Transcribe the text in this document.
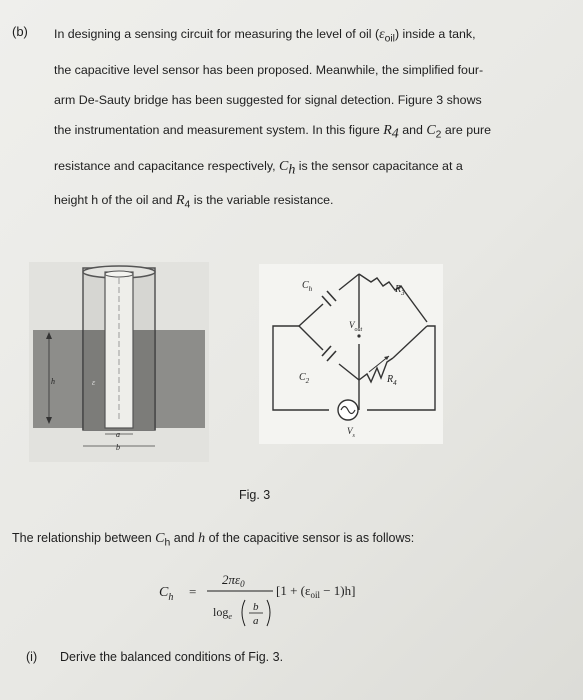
(b) In designing a sensing circuit for measuring the level of oil $(\varepsilon_{oil})$ inside a tank,
the capacitive level sensor has been proposed. Meanwhile, the simplified four-
arm De-Sauty bridge has been suggested for signal detection. Figure 3 shows
the instrumentation and measurement system. In this figure $R_4$ and $C_2$ are pure
resistance and capacitance respectively, $C_h$ is the sensor capacitance at a
height h of the oil and $R_4$ is the variable resistance.
h	ε
a
b
$C_h$	$R_3$
$V_{out}$
$C_2$	$R_4$
$V_s$
Fig. 3
The relationship between $C_h$ and h of the capacitive sensor is as follows:
$C_h$ =
$2\pi\varepsilon_0$
$\log_e$
b
a
$[1 + (\varepsilon_{oil} - 1)h]$
(i) Derive the balanced conditions of Fig. 3.
